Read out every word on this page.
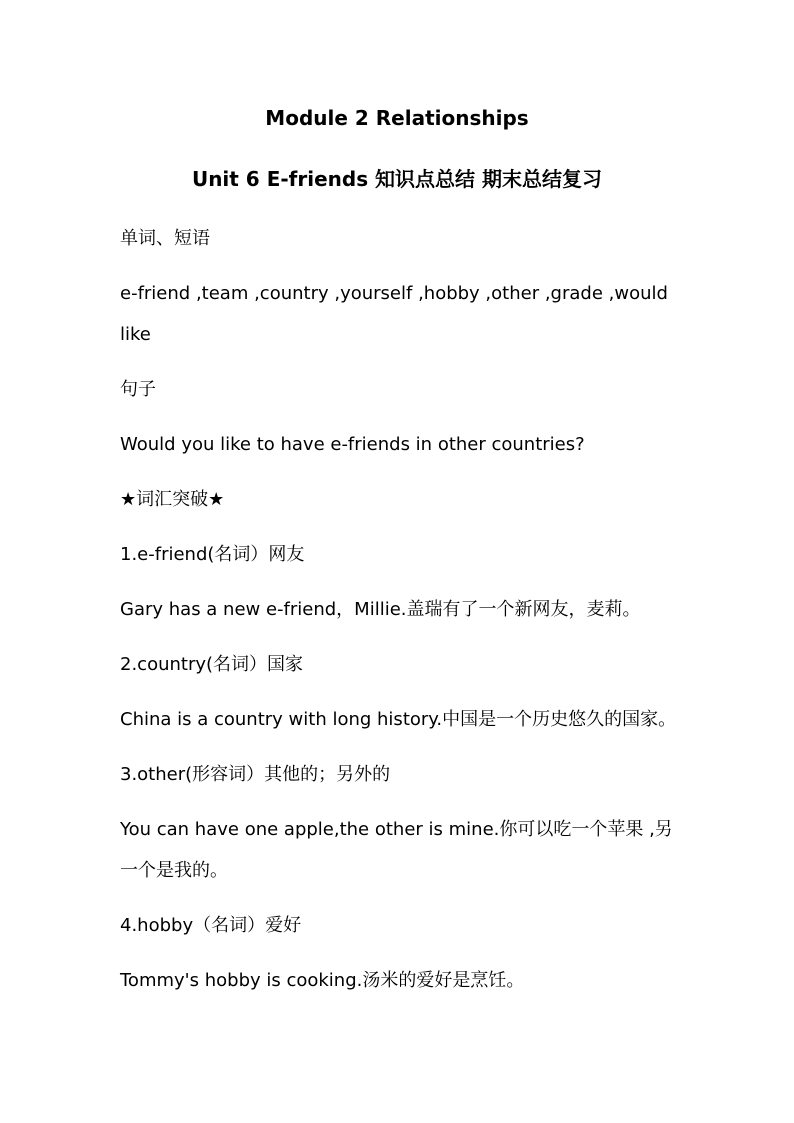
Module 2 Relationships
Unit 6 E-friends 知识点总结 期末总结复习
单词、短语
e-friend ,team ,country ,yourself ,hobby ,other ,grade ,would
like
句子
Would you like to have e-friends in other countries?
★词汇突破★
1.e-friend(名词）网友
Gary has a new e-friend，Millie.盖瑞有了一个新网友，麦莉。
2.country(名词）国家
China is a country with long history.中国是一个历史悠久的国家。
3.other(形容词）其他的；另外的
You can have one apple,the other is mine.你可以吃一个苹果 ,另
一个是我的。
4.hobby（名词）爱好
Tommy's hobby is cooking.汤米的爱好是烹饪。
